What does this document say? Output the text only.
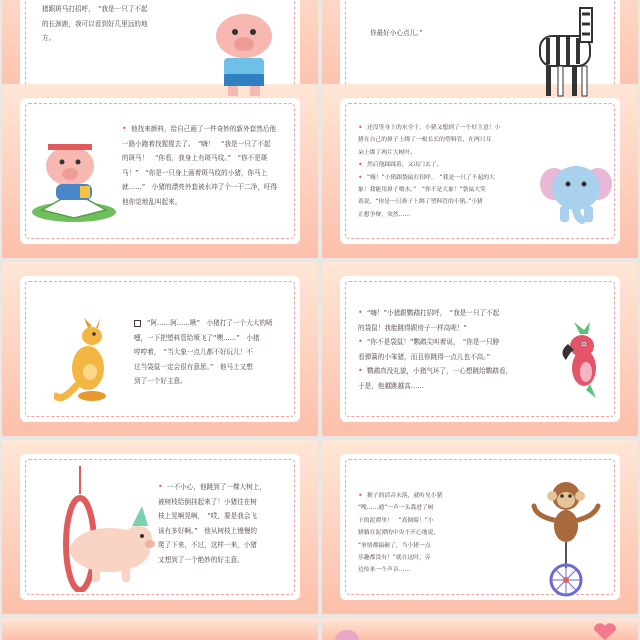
猪跟斑马打招呼，　“我是一只了不起

的长颈鹿，我可以看到好几里远的地

方。

你最好小心点儿。”

• 他找来颜料，给自己画了一件奇妙的新外套然后他

一路小跑着找猩猩去了。　“嗨！　“我是一只了不起

的斑马！　“你看，我身上有斑马纹。”　“你不是斑

马！”　“你是一只身上画着斑马纹的小猪，你马上

就……”　小猪的漂亮外套被水冲了个一干二净，吁得

他你觉地乱叫起来。

• 还没等身上的水全干，小猪又想到了一个好主意！小

猪在自己的鼻子上绑了一根长长的塑料管，在两只耳

朵上绑了两片大树叶。

• 然后他踩踩着，又出门去了。

• “嗨！”小猪跟袋鼠打招呼，　“我是一只了不起的大

象！我能用鼻子喷水。”　“你不是大象！”袋鼠大笑

着说，“你是一只鼻子上绑了塑料管的小猪。”小猪

正想争辩，突然……

“阿……阿……啾”　小猪打了一个大大的喷

嚏，一下把塑料管给喷飞了“嘿……”　小猪

哼哼着，　“当大象一点儿都不好玩儿！不

过当袋鼠一定会很有意思。”　他马上又想

到了一个好主意。

• “嗨！”小猪跟鹦鹉打招呼，　“我是一只了不起

的袋鼠！我能跳得跟房子一样高呢！”

• “你不是袋鼠！”鹦鹉尖叫着说，　“你是一只脖

看弹簧的小笨猪，而且你跳得一点儿也不高。”

• 鹦鹉真没礼貌，小猪气坏了，一心想跳给鹦鹉看，

于是，他越跳越高……

• 一不小心，他跳到了一棵大树上，

被树枝给倒挂起来了！小猪往在树

枝上晃啊晃啊，　“哎，要是我会飞

该有多好啊。”　他从树枝上慢慢的

爬了下来，不过，这样一来，小猪

又想到了一个绝妙的好主意。

• 猴子的话音未落，就听见小猪

“嗖……通”一声一头栽进了树

下的泥潭里！　“真倒霉！”小

猪躺在泥潭的中央不开心地说，

“事情都搞砸了，当小猪一点

乐趣都没有！”就在这时，旁

边传来一个声音……
